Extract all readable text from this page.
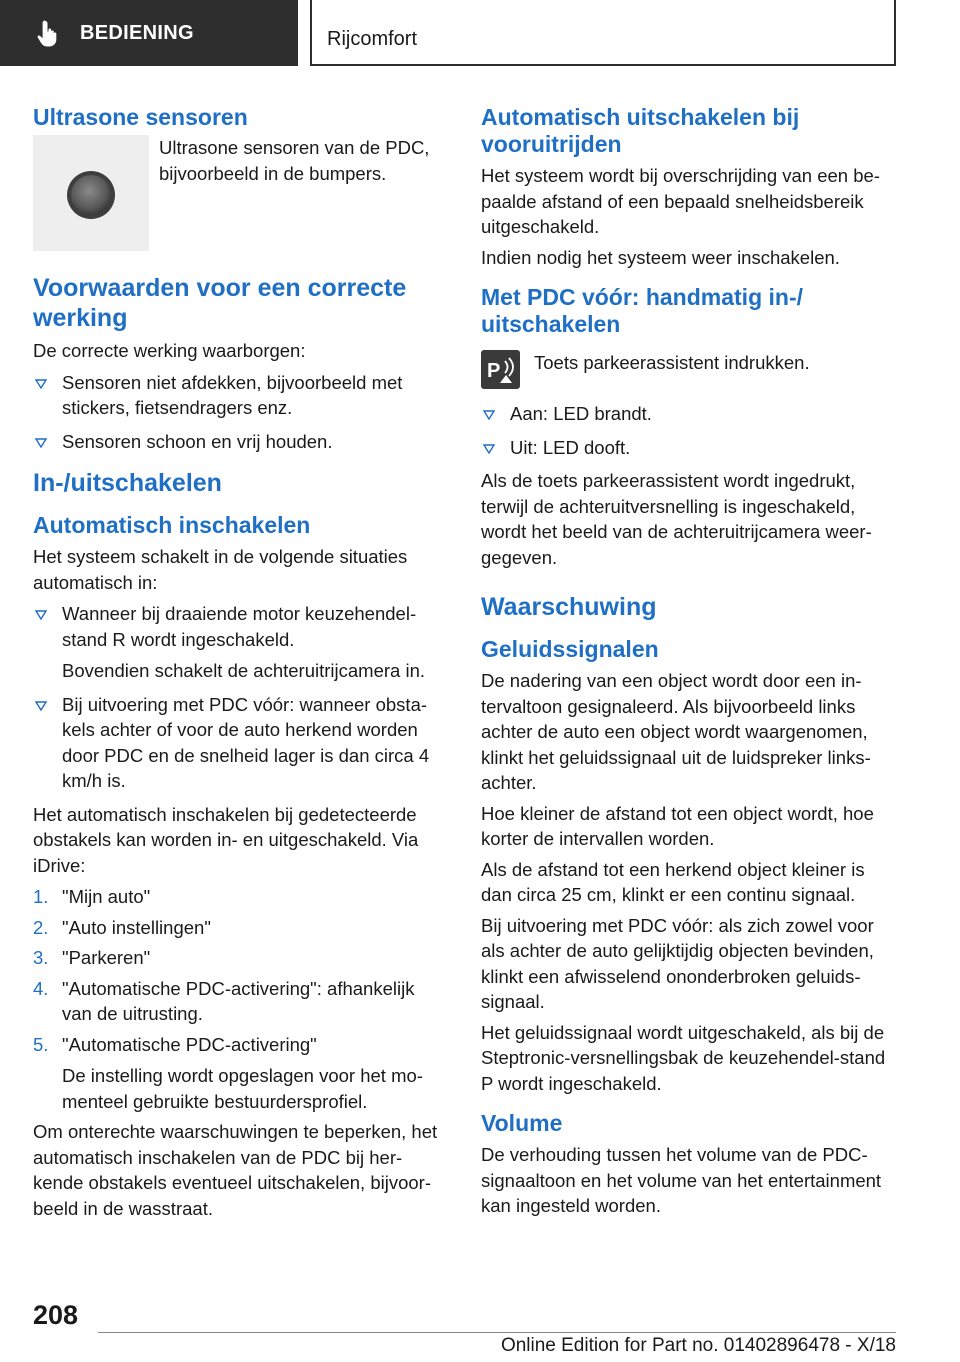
BEDIENING	Rijcomfort
Ultrasone sensoren

Ultrasone sensoren van de PDC, bijvoorbeeld in de bumpers.

Voorwaarden voor een correcte werking

De correcte werking waarborgen:

Sensoren niet afdekken, bijvoorbeeld met stickers, fietsendragers enz.
Sensoren schoon en vrij houden.
In-/uitschakelen
Automatisch inschakelen

Het systeem schakelt in de volgende situaties automatisch in:

Wanneer bij draaiende motor keuzehendel-stand R wordt ingeschakeld.
Bovendien schakelt de achteruitrijcamera in.
Bij uitvoering met PDC vóór: wanneer obsta-kels achter of voor de auto herkend worden door PDC en de snelheid lager is dan circa 4 km/h is.

Het automatisch inschakelen bij gedetecteerde obstakels kan worden in- en uitgeschakeld. Via iDrive:

1. "Mijn auto"
2. "Auto instellingen"
3. "Parkeren"
4. "Automatische PDC-activering": afhankelijk van de uitrusting.
5. "Automatische PDC-activering"
De instelling wordt opgeslagen voor het mo-menteel gebruikte bestuurdersprofiel.

Om onterechte waarschuwingen te beperken, het automatisch inschakelen van de PDC bij her-kende obstakels eventueel uitschakelen, bijvoor-beeld in de wasstraat.

Automatisch uitschakelen bij vooruitrijden

Het systeem wordt bij overschrijding van een be-paalde afstand of een bepaald snelheidsbereik uitgeschakeld.

Indien nodig het systeem weer inschakelen.

Met PDC vóór: handmatig in-/ uitschakelen
P Toets parkeerassistent indrukken.

Aan: LED brandt.
Uit: LED dooft.

Als de toets parkeerassistent wordt ingedrukt, terwijl de achteruitversnelling is ingeschakeld, wordt het beeld van de achteruitrijcamera weer-gegeven.

Waarschuwing
Geluidssignalen

De nadering van een object wordt door een in-tervaltoon gesignaleerd. Als bijvoorbeeld links achter de auto een object wordt waargenomen, klinkt het geluidssignaal uit de luidspreker links-achter.

Hoe kleiner de afstand tot een object wordt, hoe korter de intervallen worden.

Als de afstand tot een herkend object kleiner is dan circa 25 cm, klinkt er een continu signaal.

Bij uitvoering met PDC vóór: als zich zowel voor als achter de auto gelijktijdig objecten bevinden, klinkt een afwisselend ononderbroken geluids-signaal.

Het geluidssignaal wordt uitgeschakeld, als bij de Steptronic-versnellingsbak de keuzehendel-stand P wordt ingeschakeld.

Volume

De verhouding tussen het volume van de PDC-signaaltoon en het volume van het entertainment kan ingesteld worden.

208
Online Edition for Part no. 01402896478 - X/18
